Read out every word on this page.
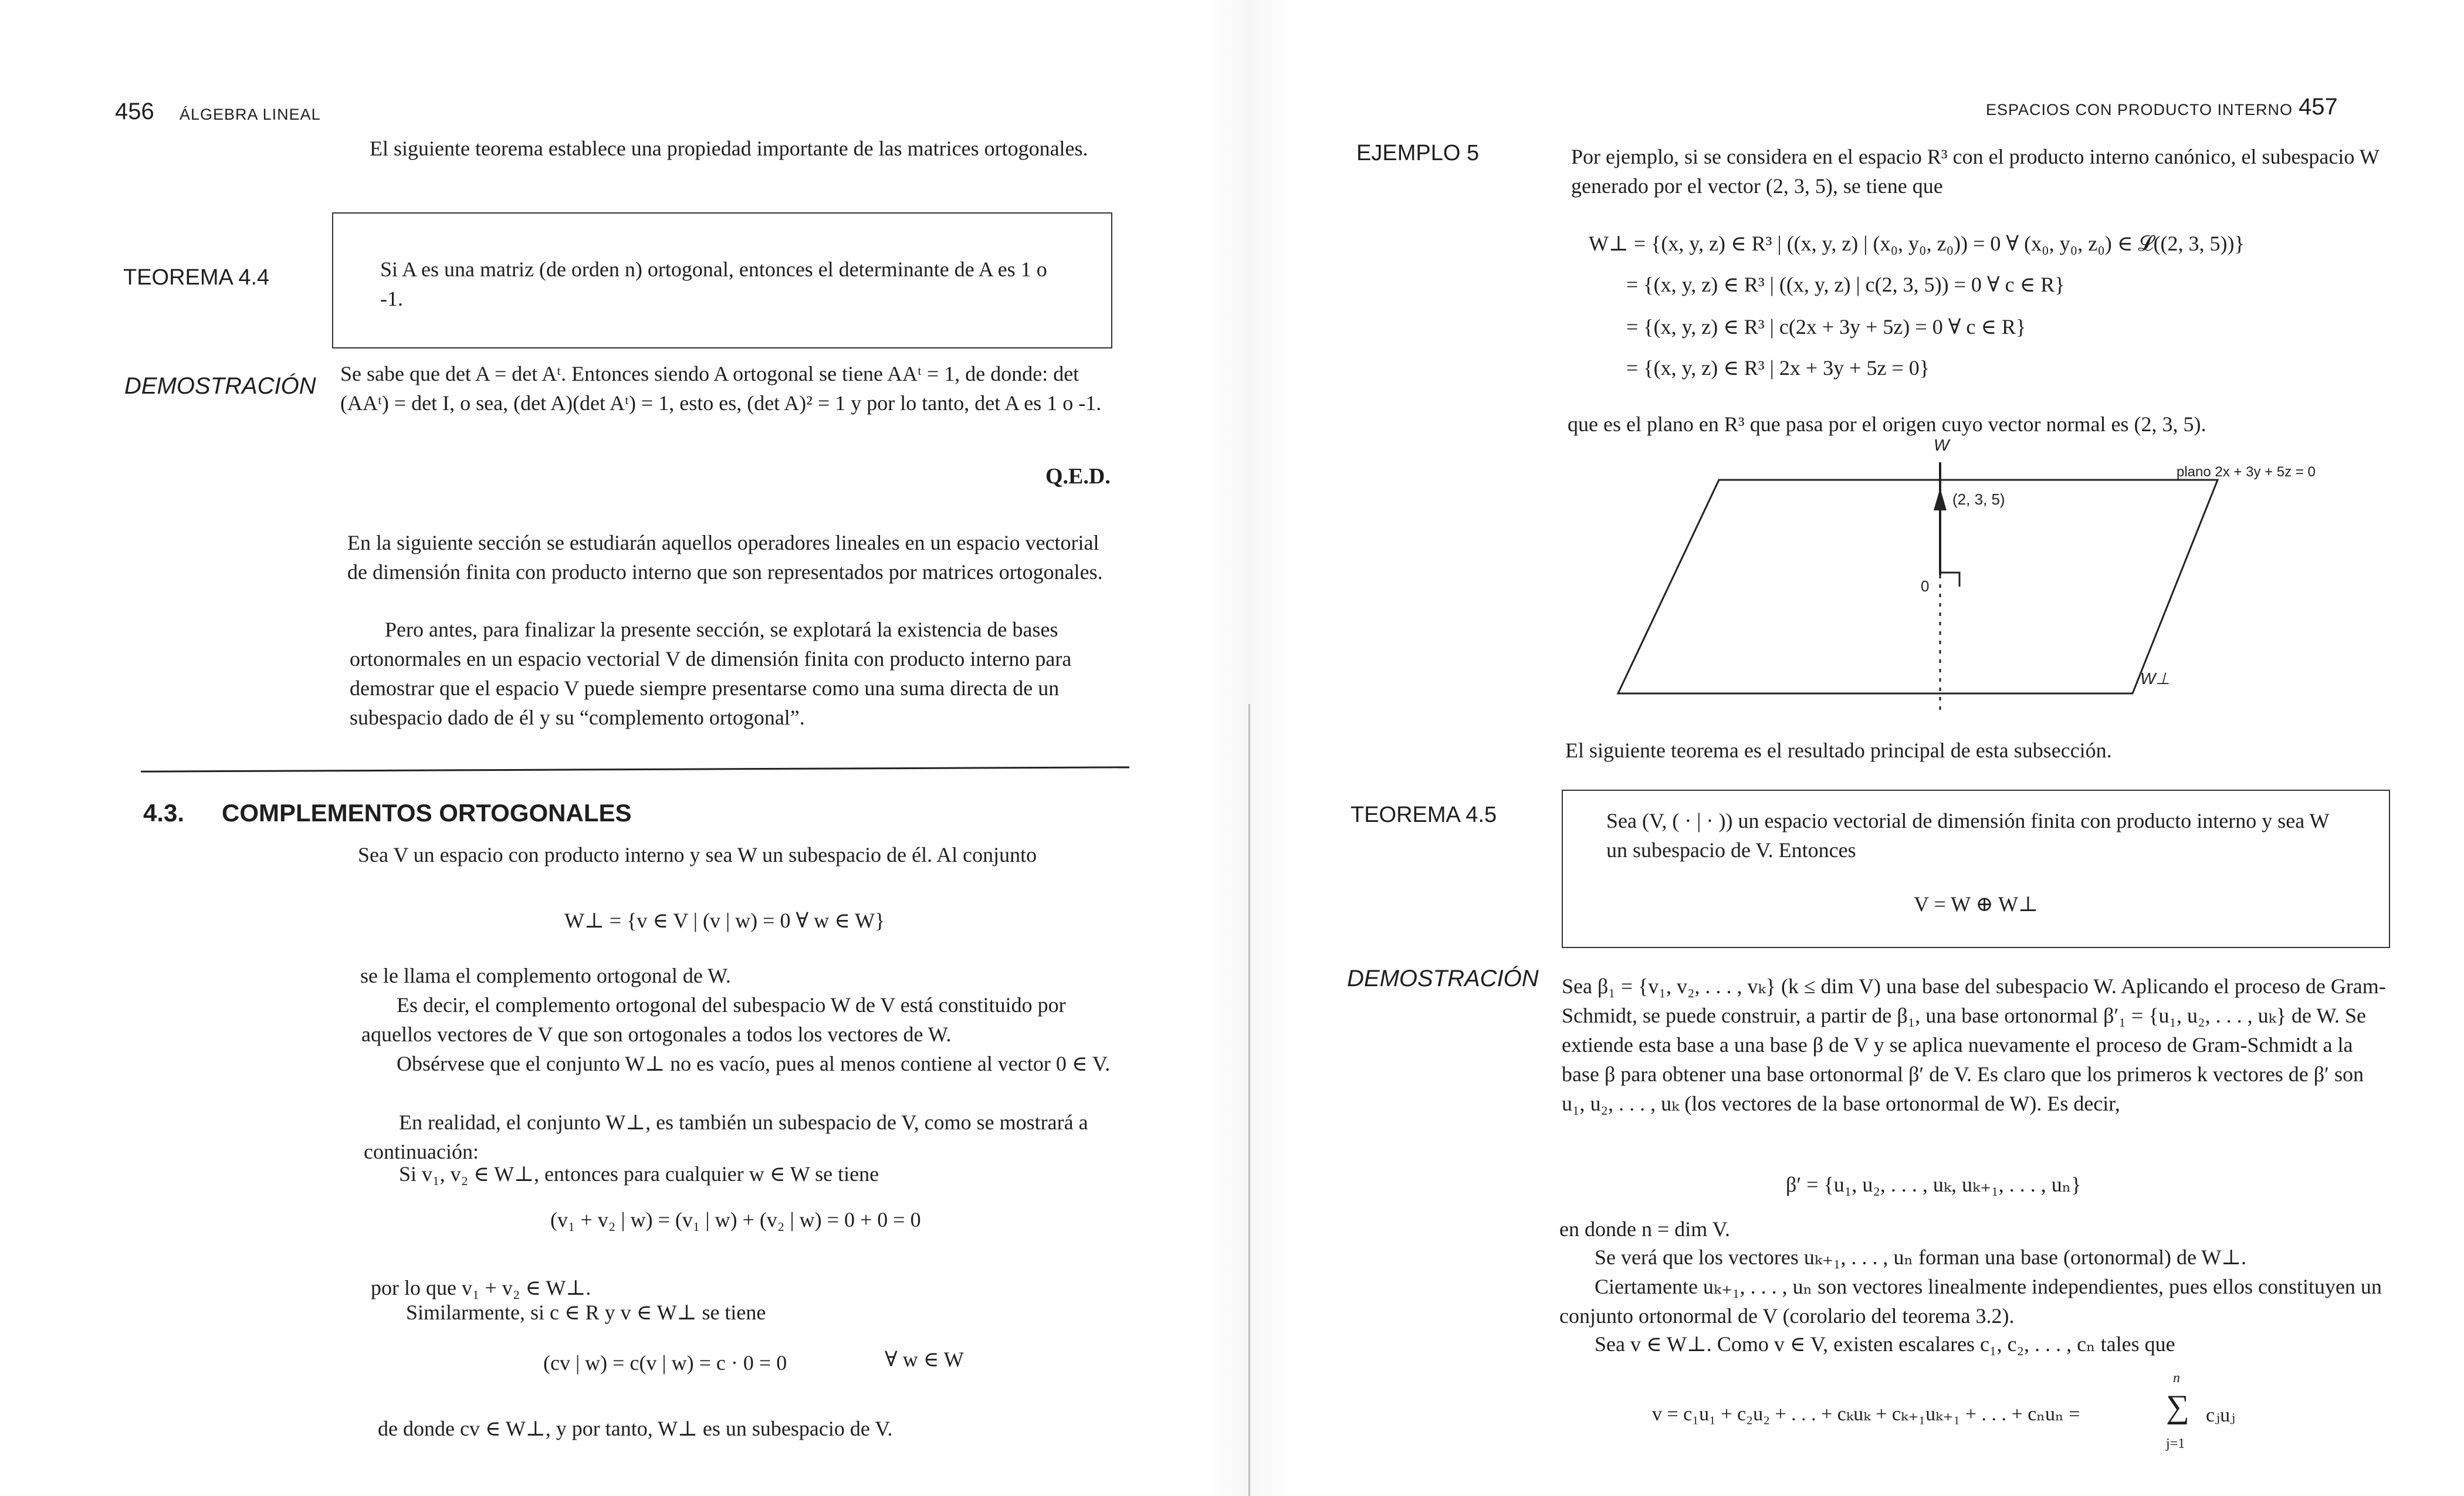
456 ÁLGEBRA LINEAL

El siguiente teorema establece una propiedad importante de las matrices ortogonales.

TEOREMA 4.4	Si A es una matriz (de orden n) ortogonal, entonces el determinante de A es 1 o -1.

DEMOSTRACIÓN Se sabe que det A = det Aᵗ. Entonces siendo A ortogonal se tiene AAᵗ = 1, de donde: det (AAᵗ) = det I, o sea, (det A)(det Aᵗ) = 1, esto es, (det A)² = 1 y por lo tanto, det A es 1 o -1.

Q.E.D.

En la siguiente sección se estudiarán aquellos operadores lineales en un espacio vectorial de dimensión finita con producto interno que son representados por matrices ortogonales.

Pero antes, para finalizar la presente sección, se explotará la existencia de bases ortonormales en un espacio vectorial V de dimensión finita con producto interno para demostrar que el espacio V puede siempre presentarse como una suma directa de un subespacio dado de él y su “complemento ortogonal”.

4.3. COMPLEMENTOS ORTOGONALES

Sea V un espacio con producto interno y sea W un subespacio de él. Al conjunto

W⊥ = {v ∈ V | (v | w) = 0 ∀ w ∈ W}

se le llama el complemento ortogonal de W.

Es decir, el complemento ortogonal del subespacio W de V está constituido por aquellos vectores de V que son ortogonales a todos los vectores de W.

Obsérvese que el conjunto W⊥ no es vacío, pues al menos contiene al vector 0 ∈ V.

En realidad, el conjunto W⊥, es también un subespacio de V, como se mostrará a continuación:

Si v₁, v₂ ∈ W⊥, entonces para cualquier w ∈ W se tiene

(v₁ + v₂ | w) = (v₁ | w) + (v₂ | w) = 0 + 0 = 0

por lo que v₁ + v₂ ∈ W⊥.

Similarmente, si c ∈ R y v ∈ W⊥ se tiene

(cv | w) = c(v | w) = c · 0 = 0	∀ w ∈ W

de donde cv ∈ W⊥, y por tanto, W⊥ es un subespacio de V.

ESPACIOS CON PRODUCTO INTERNO 457
EJEMPLO 5	Por ejemplo, si se considera en el espacio R³ con el producto interno canónico, el subespacio W generado por el vector (2, 3, 5), se tiene que

W⊥ = {(x, y, z) ∈ R³ | ((x, y, z) | (x₀, y₀, z₀)) = 0 ∀ (x₀, y₀, z₀) ∈ 𝓛((2, 3, 5))}
= {(x, y, z) ∈ R³ | ((x, y, z) | c(2, 3, 5)) = 0 ∀ c ∈ R}
= {(x, y, z) ∈ R³ | c(2x + 3y + 5z) = 0 ∀ c ∈ R}
= {(x, y, z) ∈ R³ | 2x + 3y + 5z = 0}

que es el plano en R³ que pasa por el origen cuyo vector normal es (2, 3, 5).

W
plano 2x + 3y + 5z = 0
(2, 3, 5)
0
W⊥

El siguiente teorema es el resultado principal de esta subsección.

TEOREMA 4.5	Sea (V, ( · | · )) un espacio vectorial de dimensión finita con producto interno y sea W un subespacio de V. Entonces

V = W ⊕ W⊥
DEMOSTRACIÓN Sea β₁ = {v₁, v₂, . . . , vₖ} (k ≤ dim V) una base del subespacio W. Aplicando el proceso de Gram-Schmidt, se puede construir, a partir de β₁, una base ortonormal β′₁ = {u₁, u₂, . . . , uₖ} de W. Se extiende esta base a una base β de V y se aplica nuevamente el proceso de Gram-Schmidt a la base β para obtener una base ortonormal β′ de V. Es claro que los primeros k vectores de β′ son u₁, u₂, . . . , uₖ (los vectores de la base ortonormal de W). Es decir,

β′ = {u₁, u₂, . . . , uₖ, uₖ₊₁, . . . , uₙ}

en donde n = dim V.

Se verá que los vectores uₖ₊₁, . . . , uₙ forman una base (ortonormal) de W⊥.

Ciertamente uₖ₊₁, . . . , uₙ son vectores linealmente independientes, pues ellos constituyen un conjunto ortonormal de V (corolario del teorema 3.2).

Sea v ∈ W⊥. Como v ∈ V, existen escalares c₁, c₂, . . . , cₙ tales que

v = c₁u₁ + c₂u₂ + . . . + cₖuₖ + cₖ₊₁uₖ₊₁ + . . . + cₙuₙ =	∑
n
j=1
cⱼuⱼ
